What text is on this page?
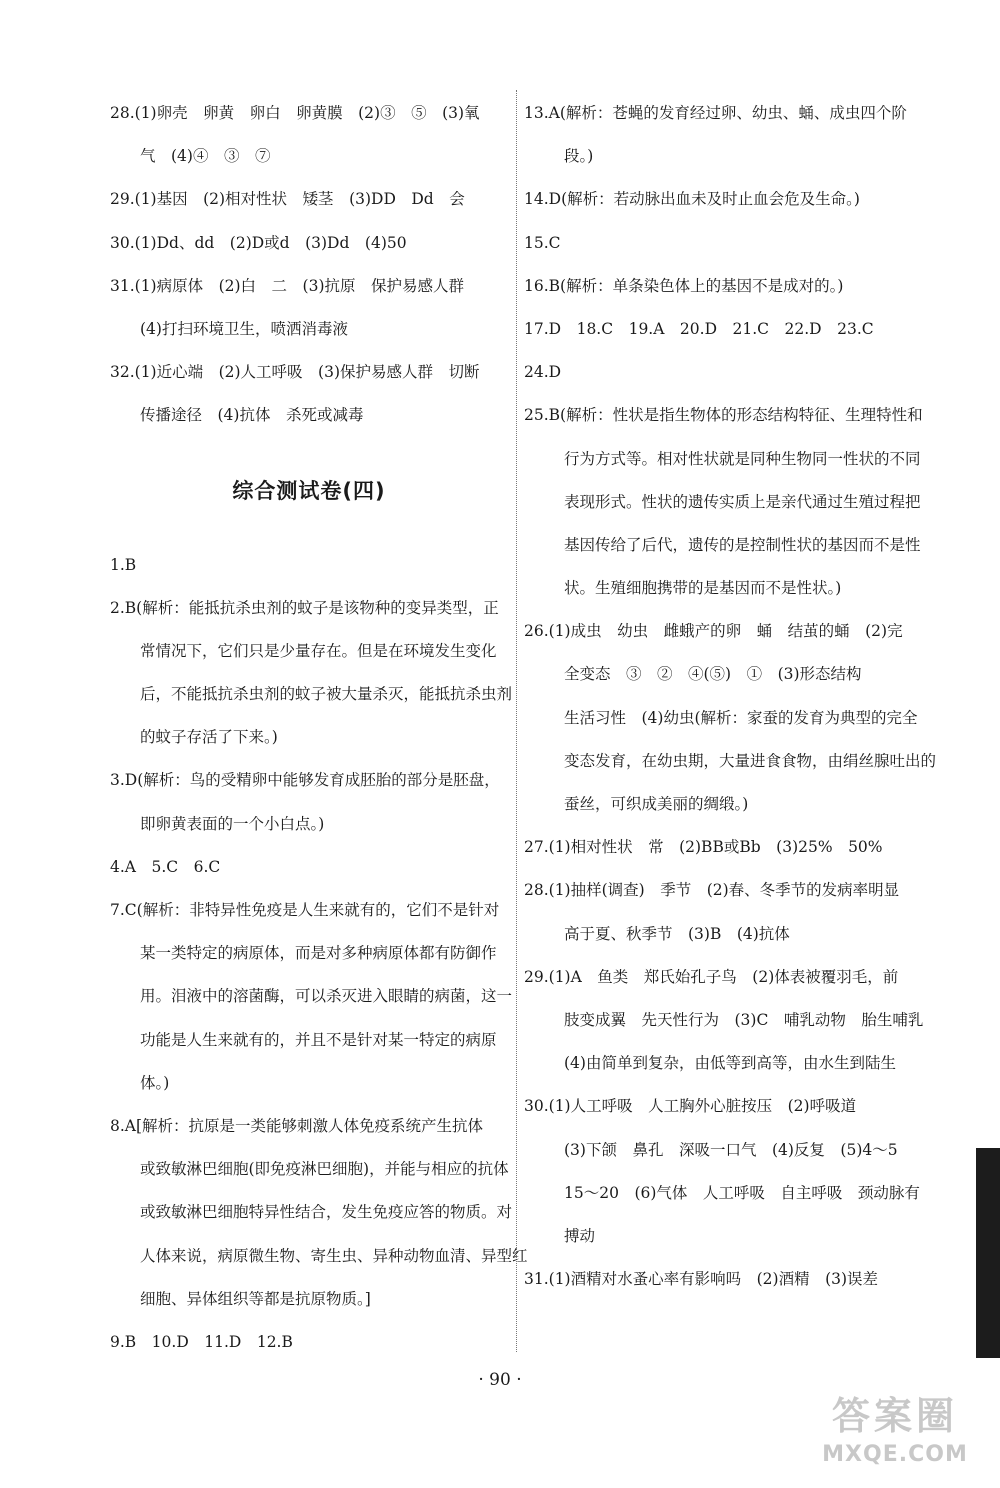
28.(1)卵壳　卵黄　卵白　卵黄膜　(2)③　⑤　(3)氧
气　(4)④　③　⑦
29.(1)基因　(2)相对性状　矮茎　(3)DD　Dd　会
30.(1)Dd、dd　(2)D或d　(3)Dd　(4)50
31.(1)病原体　(2)白　二　(3)抗原　保护易感人群
(4)打扫环境卫生，喷洒消毒液
32.(1)近心端　(2)人工呼吸　(3)保护易感人群　切断
传播途径　(4)抗体　杀死或减毒
综合测试卷(四)
1.B
2.B(解析：能抵抗杀虫剂的蚊子是该物种的变异类型，正
常情况下，它们只是少量存在。但是在环境发生变化
后，不能抵抗杀虫剂的蚊子被大量杀灭，能抵抗杀虫剂
的蚊子存活了下来。)
3.D(解析：鸟的受精卵中能够发育成胚胎的部分是胚盘，
即卵黄表面的一个小白点。)
4.A　5.C　6.C
7.C(解析：非特异性免疫是人生来就有的，它们不是针对
某一类特定的病原体，而是对多种病原体都有防御作
用。泪液中的溶菌酶，可以杀灭进入眼睛的病菌，这一
功能是人生来就有的，并且不是针对某一特定的病原
体。)
8.A[解析：抗原是一类能够刺激人体免疫系统产生抗体
或致敏淋巴细胞(即免疫淋巴细胞)，并能与相应的抗体
或致敏淋巴细胞特异性结合，发生免疫应答的物质。对
人体来说，病原微生物、寄生虫、异种动物血清、异型红
细胞、异体组织等都是抗原物质。]
9.B　10.D　11.D　12.B
13.A(解析：苍蝇的发育经过卵、幼虫、蛹、成虫四个阶
段。)
14.D(解析：若动脉出血未及时止血会危及生命。)
15.C
16.B(解析：单条染色体上的基因不是成对的。)
17.D　18.C　19.A　20.D　21.C　22.D　23.C
24.D
25.B(解析：性状是指生物体的形态结构特征、生理特性和
行为方式等。相对性状就是同种生物同一性状的不同
表现形式。性状的遗传实质上是亲代通过生殖过程把
基因传给了后代，遗传的是控制性状的基因而不是性
状。生殖细胞携带的是基因而不是性状。)
26.(1)成虫　幼虫　雌蛾产的卵　蛹　结茧的蛹　(2)完
全变态　③　②　④(⑤)　①　(3)形态结构
生活习性　(4)幼虫(解析：家蚕的发育为典型的完全
变态发育，在幼虫期，大量进食食物，由绢丝腺吐出的
蚕丝，可织成美丽的绸缎。)
27.(1)相对性状　常　(2)BB或Bb　(3)25%　50%
28.(1)抽样(调查)　季节　(2)春、冬季节的发病率明显
高于夏、秋季节　(3)B　(4)抗体
29.(1)A　鱼类　郑氏始孔子鸟　(2)体表被覆羽毛，前
肢变成翼　先天性行为　(3)C　哺乳动物　胎生哺乳
(4)由简单到复杂，由低等到高等，由水生到陆生
30.(1)人工呼吸　人工胸外心脏按压　(2)呼吸道
(3)下颌　鼻孔　深吸一口气　(4)反复　(5)4～5
15～20　(6)气体　人工呼吸　自主呼吸　颈动脉有
搏动
31.(1)酒精对水蚤心率有影响吗　(2)酒精　(3)误差
· 90 ·
答案圈
MXQE.COM
